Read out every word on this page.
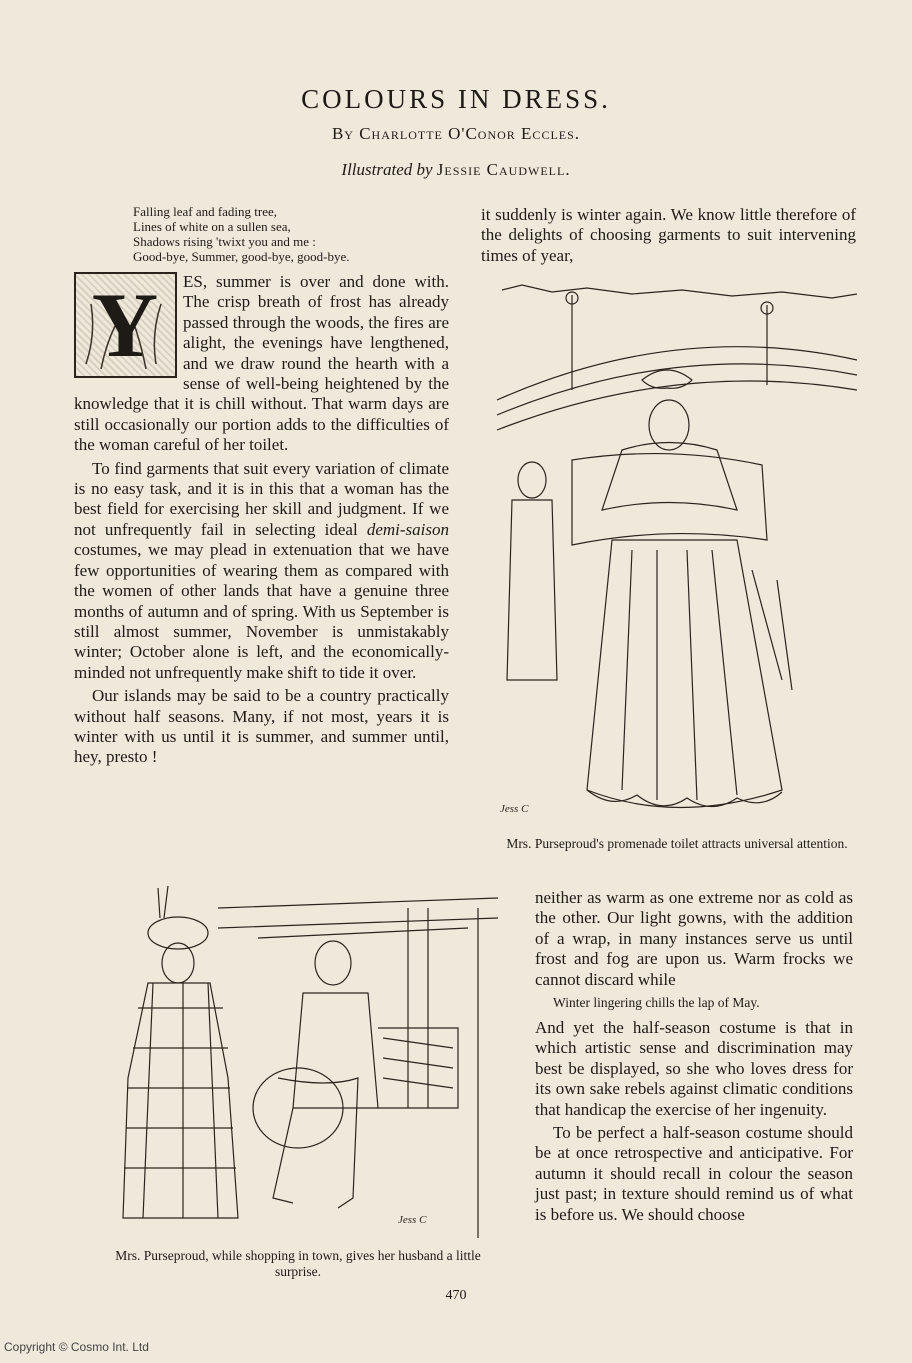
COLOURS IN DRESS.
By Charlotte O'Conor Eccles.
Illustrated by Jessie Caudwell.
Falling leaf and fading tree,
Lines of white on a sullen sea,
Shadows rising 'twixt you and me :
Good-bye, Summer, good-bye, good-bye.

Y ES, summer is over and done with. The crisp breath of frost has already passed through the woods, the fires are alight, the evenings have lengthened, and we draw round the hearth with a sense of well-being heightened by the knowledge that it is chill without. That warm days are still occasionally our portion adds to the difficulties of the woman careful of her toilet.

To find garments that suit every variation of climate is no easy task, and it is in this that a woman has the best field for exercising her skill and judgment. If we not unfrequently fail in selecting ideal demi-saison costumes, we may plead in extenuation that we have few opportunities of wearing them as compared with the women of other lands that have a genuine three months of autumn and of spring. With us September is still almost summer, November is unmistakably winter; October alone is left, and the economically-minded not unfrequently make shift to tide it over.

Our islands may be said to be a country practically without half seasons. Many, if not most, years it is winter with us until it is summer, and summer until, hey, presto !

it suddenly is winter again. We know little therefore of the delights of choosing garments to suit intervening times of year,

Jess C
Mrs. Purseproud's promenade toilet attracts universal attention.
Jess C
Mrs. Purseproud, while shopping in town, gives her husband a little surprise.

neither as warm as one extreme nor as cold as the other. Our light gowns, with the addition of a wrap, in many instances serve us until frost and fog are upon us. Warm frocks we cannot discard while

Winter lingering chills the lap of May.

And yet the half-season costume is that in which artistic sense and discrimination may best be displayed, so she who loves dress for its own sake rebels against climatic conditions that handicap the exercise of her ingenuity.

To be perfect a half-season costume should be at once retrospective and anticipative. For autumn it should recall in colour the season just past; in texture should remind us of what is before us. We should choose

470
Copyright © Cosmo Int. Ltd
